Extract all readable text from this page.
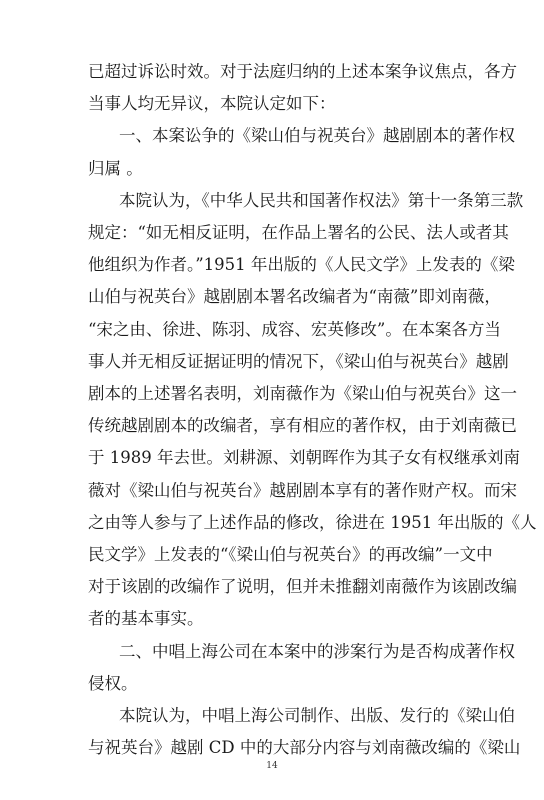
已超过诉讼时效。对于法庭归纳的上述本案争议焦点，各方
当事人均无异议，本院认定如下：
一、本案讼争的《梁山伯与祝英台》越剧剧本的著作权
归属 。
本院认为，《中华人民共和国著作权法》第十一条第三款
规定：“如无相反证明，在作品上署名的公民、法人或者其
他组织为作者。”1951 年出版的《人民文学》上发表的《梁
山伯与祝英台》越剧剧本署名改编者为“南薇”即刘南薇，
“宋之由、徐进、陈羽、成容、宏英修改”。在本案各方当
事人并无相反证据证明的情况下，《梁山伯与祝英台》越剧
剧本的上述署名表明，刘南薇作为《梁山伯与祝英台》这一
传统越剧剧本的改编者，享有相应的著作权，由于刘南薇已
于 1989 年去世。刘耕源、刘朝晖作为其子女有权继承刘南
薇对《梁山伯与祝英台》越剧剧本享有的著作财产权。而宋
之由等人参与了上述作品的修改，徐进在 1951 年出版的《人
民文学》上发表的“《梁山伯与祝英台》的再改编”一文中
对于该剧的改编作了说明，但并未推翻刘南薇作为该剧改编
者的基本事实。
二、中唱上海公司在本案中的涉案行为是否构成著作权
侵权。
本院认为，中唱上海公司制作、出版、发行的《梁山伯
与祝英台》越剧 CD 中的大部分内容与刘南薇改编的《梁山
14
